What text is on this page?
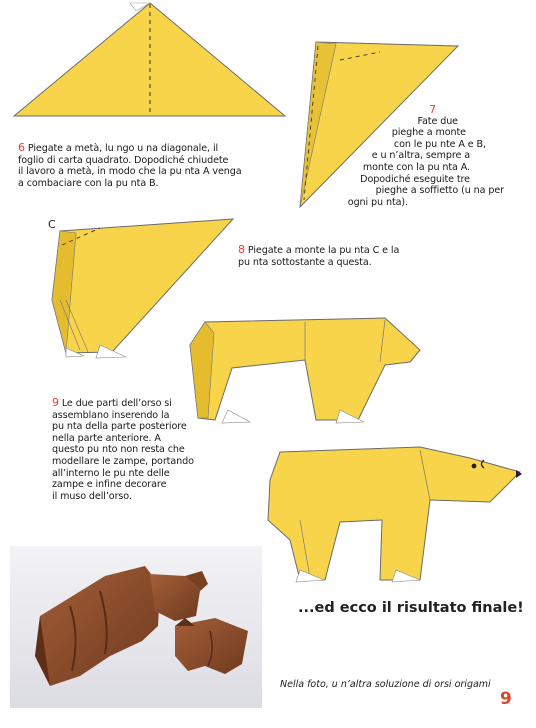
6 Piegate a metà, lu ngo u na diagonale, il
foglio di carta quadrato. Dopodiché chiudete
il lavoro a metà, in modo che la pu nta A venga
a combaciare con la pu nta B.
7
Fate due
pieghe a monte
con le pu nte A e B,
e u n’altra, sempre a
monte con la pu nta A.
Dopodiché eseguite tre
pieghe a soffietto (u na per
ogni pu nta).
C
8 Piegate a monte la pu nta C e la
pu nta sottostante a questa.
9 Le due parti dell’orso si
assemblano inserendo la
pu nta della parte posteriore
nella parte anteriore. A
questo pu nto non resta che
modellare le zampe, portando
all’interno le pu nte delle
zampe e infine decorare
il muso dell’orso.
...ed ecco il risultato finale!
Nella foto, u n’altra soluzione di orsi origami
9
